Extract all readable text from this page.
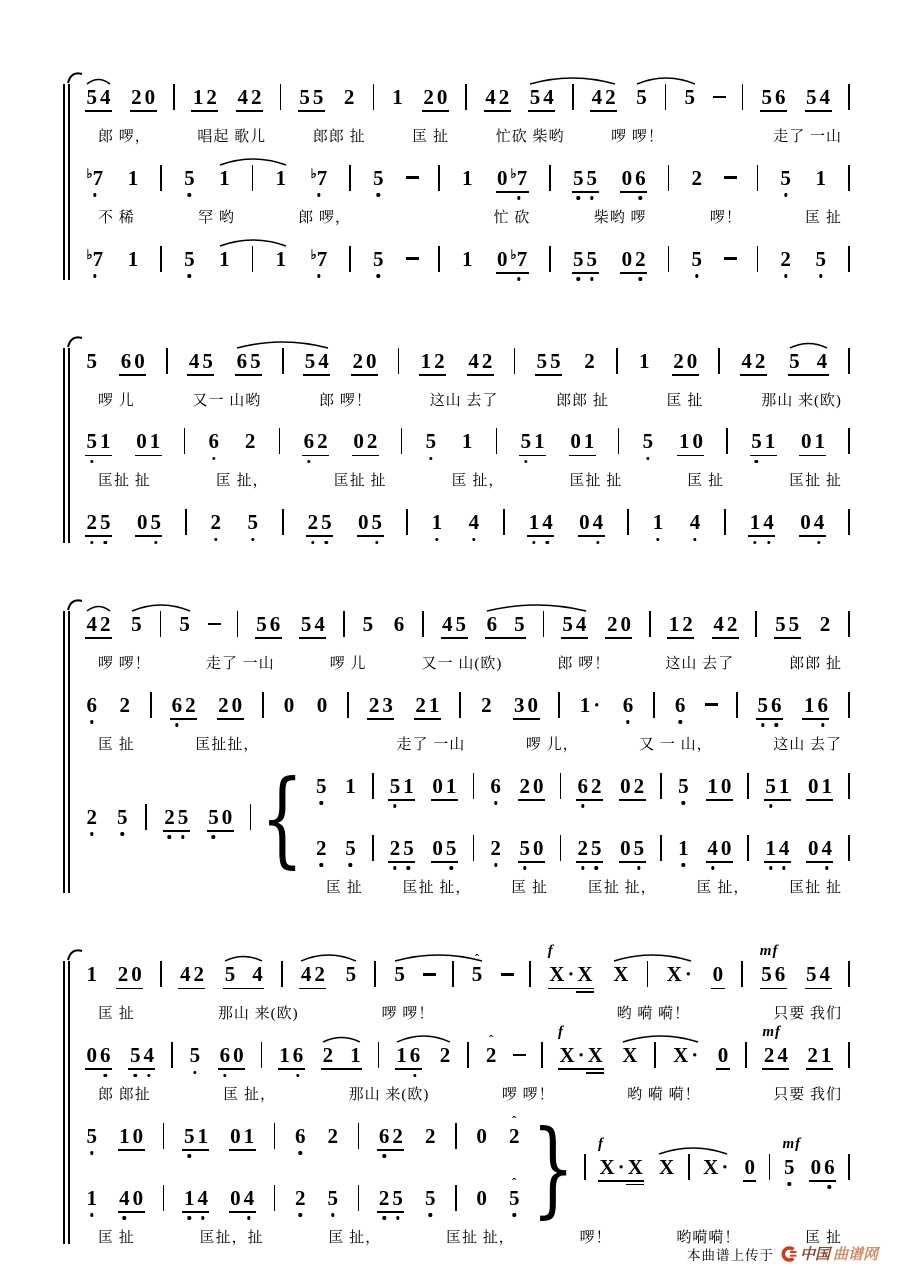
5 4 2 0 1 2 4 2 5 5 2 1 2 0 4 2 5 4 4 2 5 5	5 6 5 4
郎 啰，	唱起 歌儿	郎郎 扯	匡 扯	忙砍 柴哟	啰 啰！
　	走了 一山
♭7 1 5 1 1 ♭7 5	1 0 ♭7 5 5 0 6 2	5 1
不 稀	罕 哟	郎 啰，
　	忙 砍	柴哟 啰	啰！	匡 扯
♭7 1 5 1 1 ♭7 5	1 0 ♭7 5 5 0 2 5	2 5
5 6 0 4 5 6 5 5 4 2 0 1 2 4 2 5 5 2 1 2 0 4 2 5 4
啰 儿	又一 山哟	郎 啰！	这山 去了	郎郎 扯	匡 扯	那山 来(欧)
5 1 0 1 6 2 6 2 0 2 5 1 5 1 0 1 5 1 0 5 1 0 1
匡扯 扯	匡 扯，	匡扯 扯	匡 扯，	匡扯 扯	匡 扯	匡扯 扯
2 5 0 5 2 5 2 5 0 5 1 4 1 4 0 4 1 4 1 4 0 4
4 2 5 5	5 6 5 4 5 6 4 5 6 5 5 4 2 0 1 2 4 2 5 5 2
啰 啰！	走了 一山	啰 儿	又一 山(欧)	郎 啰！	这山 去了	郎郎 扯
6 2 6 2 2 0 0 0 2 3 2 1 2 3 0 1 · 6 6	5 6 1 6
匡 扯	匡扯扯，
　	走了 一山	啰 儿，	又 一 山，	这山 去了
2 5 2 5 5 0 { 5 1 5 1 0 1 6 2 0 6 2 0 2 5 1 0 5 1 0 1
2 5 2 5 0 5 2 5 0 2 5 0 5 1 4 0 1 4 0 4
匡 扯	匡扯 扯，	匡 扯	匡扯 扯，	匡 扯，	匡扯 扯
1 2 0 4 2 5 4 4 2 5 5	5
ˆ
X · X
f
X X · 0 5 6
mf
5 4
匡 扯	那山 来(欧)	啰 啰！
　	哟 嗬 嗬！	只要 我们
0 6 5 4 5 6 0 1 6 2 1 1 6 2 2
ˆ
X · X
f
X X · 0 2 4
mf
2 1
郎 郎扯	匡 扯，	那山 来(欧)	啰 啰！	哟 嗬 嗬！	只要 我们
5 1 0 5 1 0 1 6 2 6 2 2 0 2
ˆ
1 4 0 1 4 0 4 2 5 2 5 5 0 5
ˆ } X · X
f
X X · 0 5
mf
0 6
匡 扯	匡扯，扯	匡 扯，	匡扯 扯，	啰！	哟嗬嗬！	匡 扯
本曲谱上传于 中国 曲谱网
